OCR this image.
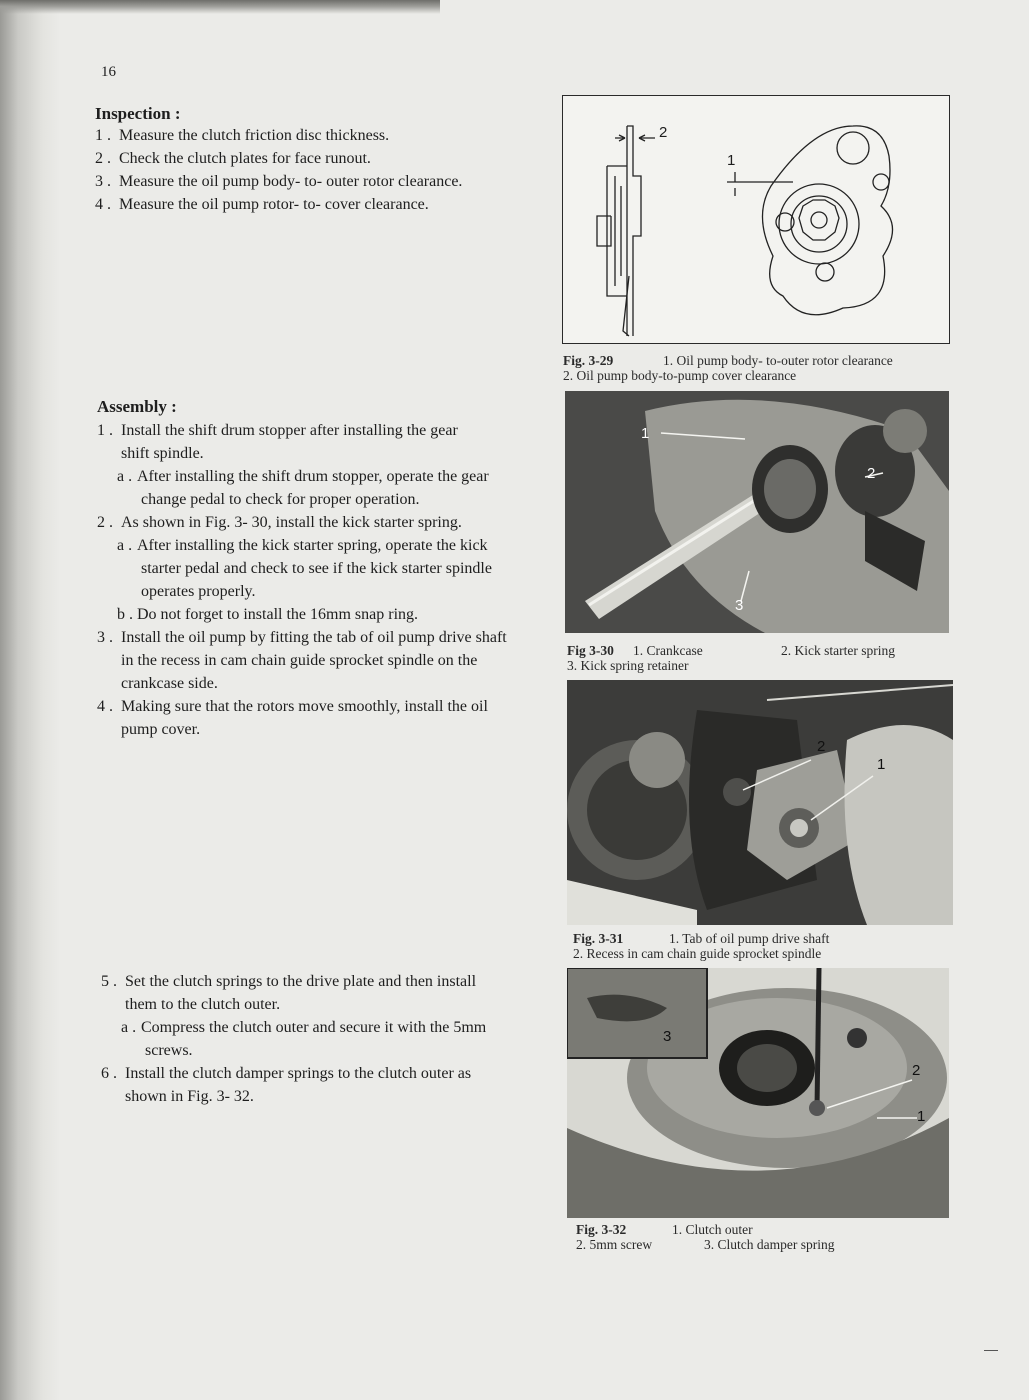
16
Inspection :

1 . Measure the clutch friction disc thickness.

2 . Check the clutch plates for face runout.

3 . Measure the oil pump body- to- outer rotor clearance.

4 . Measure the oil pump rotor- to- cover clearance.

Assembly :

1 . Install the shift drum stopper after installing the gear

shift spindle.

a . After installing the shift drum stopper, operate the gear

change pedal to check for proper operation.

2 . As shown in Fig. 3- 30, install the kick starter spring.

a . After installing the kick starter spring, operate the kick

starter pedal and check to see if the kick starter spindle

operates properly.

b . Do not forget to install the 16mm snap ring.

3 . Install the oil pump by fitting the tab of oil pump drive shaft

in the recess in cam chain guide sprocket spindle on the

crankcase side.

4 . Making sure that the rotors move smoothly, install the oil

pump cover.

5 . Set the clutch springs to the drive plate and then install

them to the clutch outer.

a . Compress the clutch outer and secure it with the 5mm

screws.

6 . Install the clutch damper springs to the clutch outer as

shown in Fig. 3- 32.

2
1
Fig. 3-29	1. Oil pump body- to-outer rotor clearance
2. Oil pump body-to-pump cover clearance
1
2
3
Fig 3-30 1. Crankcase	2. Kick starter spring
3. Kick spring retainer
2
1
Fig. 3-31	1. Tab of oil pump drive shaft
2. Recess in cam chain guide sprocket spindle
3
2
1
Fig. 3-32	1. Clutch outer
2. 5mm screw	3. Clutch damper spring
